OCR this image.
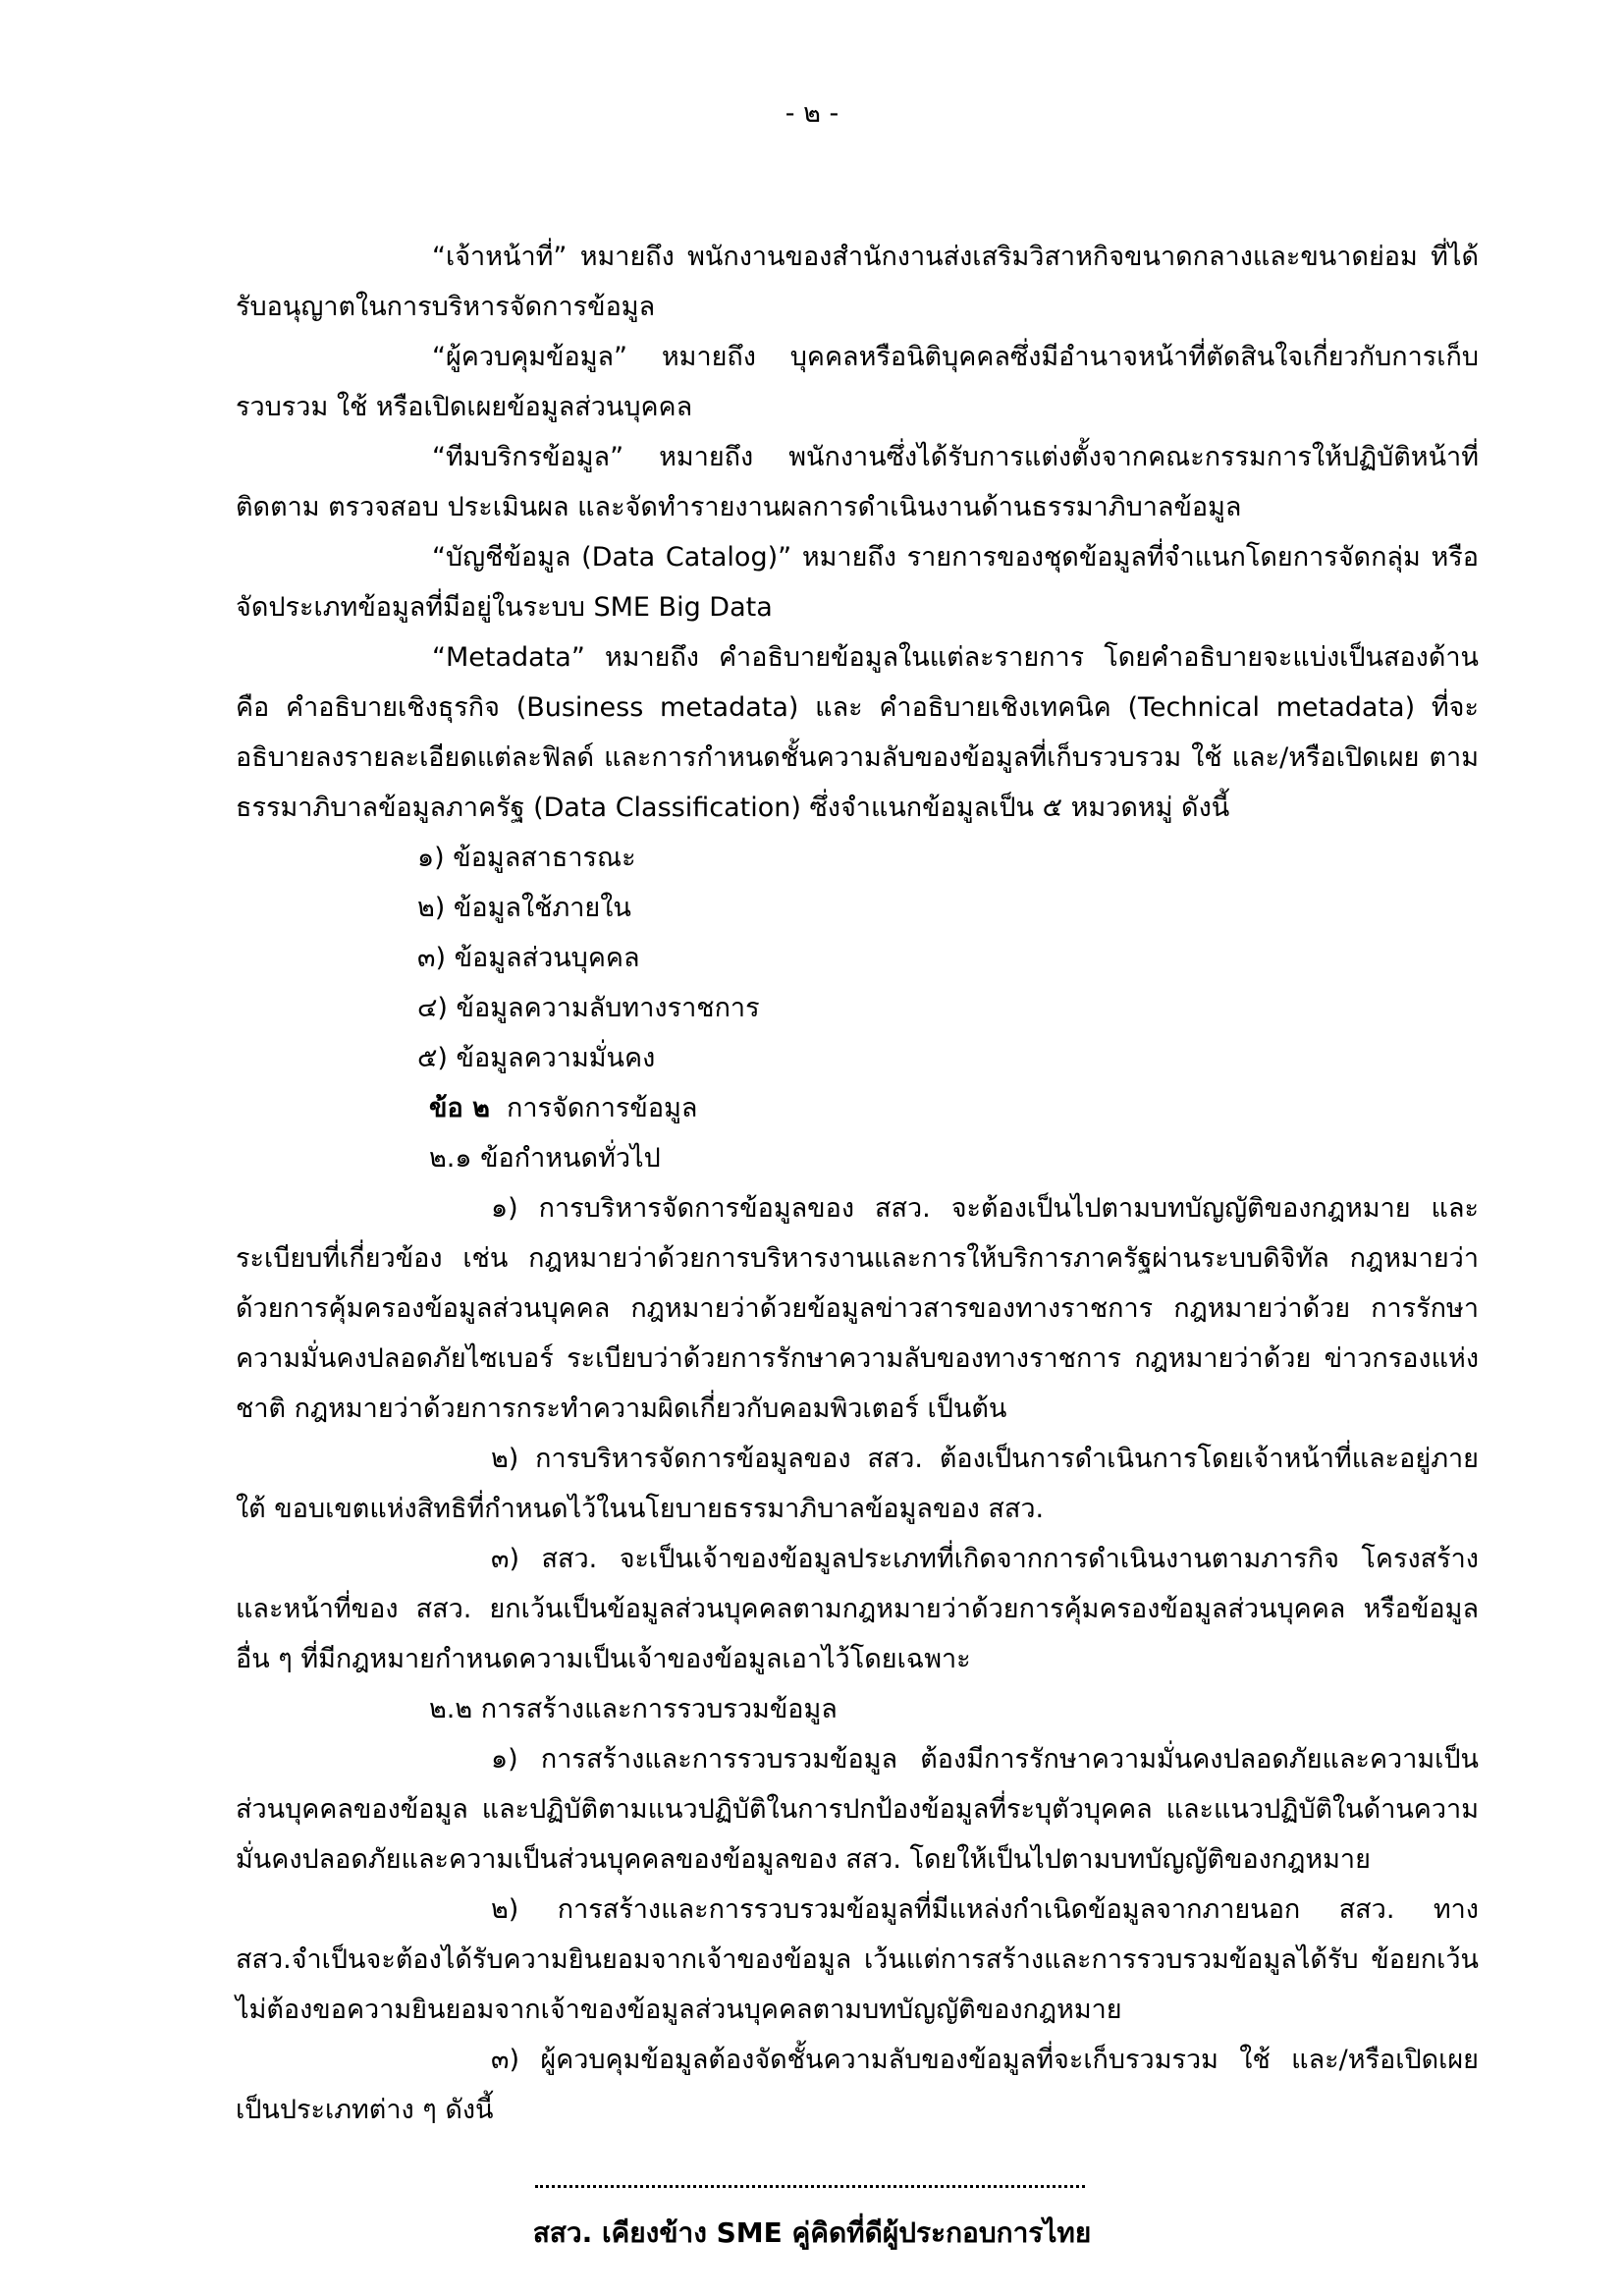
- ๒ -

“เจ้าหน้าที่” หมายถึง พนักงานของสำนักงานส่งเสริมวิสาหกิจขนาดกลางและขนาดย่อม ที่ได้รับอนุญาตในการบริหารจัดการข้อมูล

“ผู้ควบคุมข้อมูล” หมายถึง บุคคลหรือนิติบุคคลซึ่งมีอำนาจหน้าที่ตัดสินใจเกี่ยวกับการเก็บ รวบรวม ใช้ หรือเปิดเผยข้อมูลส่วนบุคคล

“ทีมบริกรข้อมูล” หมายถึง พนักงานซึ่งได้รับการแต่งตั้งจากคณะกรรมการให้ปฏิบัติหน้าที่ ติดตาม ตรวจสอบ ประเมินผล และจัดทำรายงานผลการดำเนินงานด้านธรรมาภิบาลข้อมูล

“บัญชีข้อมูล (Data Catalog)” หมายถึง รายการของชุดข้อมูลที่จำแนกโดยการจัดกลุ่ม หรือจัดประเภทข้อมูลที่มีอยู่ในระบบ SME Big Data

“Metadata” หมายถึง คำอธิบายข้อมูลในแต่ละรายการ โดยคำอธิบายจะแบ่งเป็นสองด้าน คือ คำอธิบายเชิงธุรกิจ (Business metadata) และ คำอธิบายเชิงเทคนิค (Technical metadata) ที่จะอธิบายลงรายละเอียดแต่ละฟิลด์ และการกำหนดชั้นความลับของข้อมูลที่เก็บรวบรวม ใช้ และ/หรือเปิดเผย ตามธรรมาภิบาลข้อมูลภาครัฐ (Data Classification) ซึ่งจำแนกข้อมูลเป็น ๕ หมวดหมู่ ดังนี้

๑) ข้อมูลสาธารณะ

๒) ข้อมูลใช้ภายใน

๓) ข้อมูลส่วนบุคคล

๔) ข้อมูลความลับทางราชการ

๕) ข้อมูลความมั่นคง

ข้อ ๒ การจัดการข้อมูล

๒.๑ ข้อกำหนดทั่วไป

๑) การบริหารจัดการข้อมูลของ สสว. จะต้องเป็นไปตามบทบัญญัติของกฎหมาย และระเบียบที่เกี่ยวข้อง เช่น กฎหมายว่าด้วยการบริหารงานและการให้บริการภาครัฐผ่านระบบดิจิทัล กฎหมายว่าด้วยการคุ้มครองข้อมูลส่วนบุคคล กฎหมายว่าด้วยข้อมูลข่าวสารของทางราชการ กฎหมายว่าด้วย การรักษาความมั่นคงปลอดภัยไซเบอร์ ระเบียบว่าด้วยการรักษาความลับของทางราชการ กฎหมายว่าด้วย ข่าวกรองแห่งชาติ กฎหมายว่าด้วยการกระทำความผิดเกี่ยวกับคอมพิวเตอร์ เป็นต้น

๒) การบริหารจัดการข้อมูลของ สสว. ต้องเป็นการดำเนินการโดยเจ้าหน้าที่และอยู่ภายใต้ ขอบเขตแห่งสิทธิที่กำหนดไว้ในนโยบายธรรมาภิบาลข้อมูลของ สสว.

๓) สสว. จะเป็นเจ้าของข้อมูลประเภทที่เกิดจากการดำเนินงานตามภารกิจ โครงสร้าง และหน้าที่ของ สสว. ยกเว้นเป็นข้อมูลส่วนบุคคลตามกฎหมายว่าด้วยการคุ้มครองข้อมูลส่วนบุคคล หรือข้อมูลอื่น ๆ ที่มีกฎหมายกำหนดความเป็นเจ้าของข้อมูลเอาไว้โดยเฉพาะ

๒.๒ การสร้างและการรวบรวมข้อมูล

๑) การสร้างและการรวบรวมข้อมูล ต้องมีการรักษาความมั่นคงปลอดภัยและความเป็น ส่วนบุคคลของข้อมูล และปฏิบัติตามแนวปฏิบัติในการปกป้องข้อมูลที่ระบุตัวบุคคล และแนวปฏิบัติในด้านความ มั่นคงปลอดภัยและความเป็นส่วนบุคคลของข้อมูลของ สสว. โดยให้เป็นไปตามบทบัญญัติของกฎหมาย

๒) การสร้างและการรวบรวมข้อมูลที่มีแหล่งกำเนิดข้อมูลจากภายนอก สสว. ทาง สสว.จำเป็นจะต้องได้รับความยินยอมจากเจ้าของข้อมูล เว้นแต่การสร้างและการรวบรวมข้อมูลได้รับ ข้อยกเว้นไม่ต้องขอความยินยอมจากเจ้าของข้อมูลส่วนบุคคลตามบทบัญญัติของกฎหมาย

๓) ผู้ควบคุมข้อมูลต้องจัดชั้นความลับของข้อมูลที่จะเก็บรวมรวม ใช้ และ/หรือเปิดเผย เป็นประเภทต่าง ๆ ดังนี้

สสว. เคียงข้าง SME คู่คิดที่ดีผู้ประกอบการไทย
